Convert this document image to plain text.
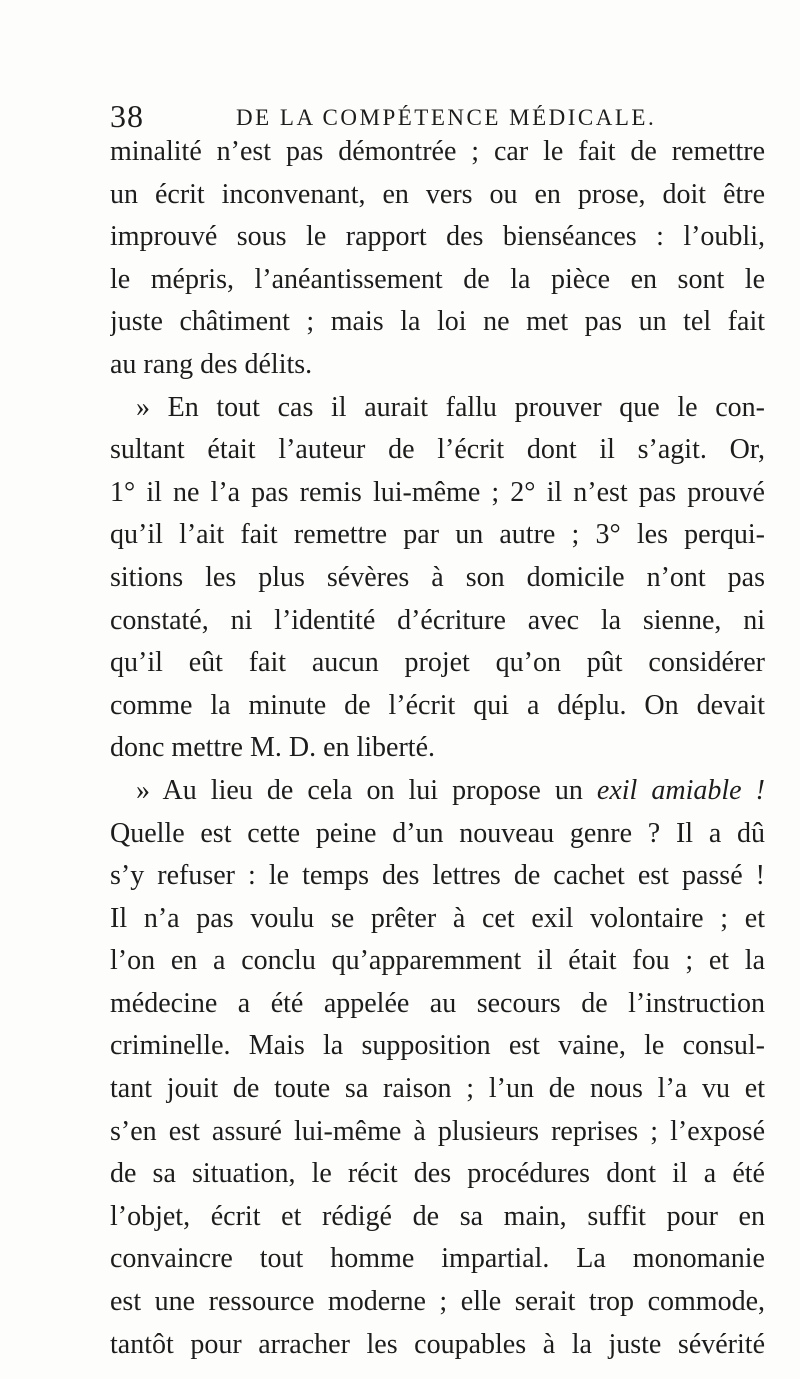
38	DE LA COMPÉTENCE MÉDICALE.
minalité n’est pas démontrée ; car le fait de remettre
un écrit inconvenant, en vers ou en prose, doit être
improuvé sous le rapport des bienséances : l’oubli,
le mépris, l’anéantissement de la pièce en sont le
juste châtiment ; mais la loi ne met pas un tel fait
au rang des délits.
» En tout cas il aurait fallu prouver que le con-
sultant était l’auteur de l’écrit dont il s’agit. Or,
1° il ne l’a pas remis lui-même ; 2° il n’est pas prouvé
qu’il l’ait fait remettre par un autre ; 3° les perqui-
sitions les plus sévères à son domicile n’ont pas
constaté, ni l’identité d’écriture avec la sienne, ni
qu’il eût fait aucun projet qu’on pût considérer
comme la minute de l’écrit qui a déplu. On devait
donc mettre M. D. en liberté.
» Au lieu de cela on lui propose un exil amiable !
Quelle est cette peine d’un nouveau genre ? Il a dû
s’y refuser : le temps des lettres de cachet est passé !
Il n’a pas voulu se prêter à cet exil volontaire ; et
l’on en a conclu qu’apparemment il était fou ; et la
médecine a été appelée au secours de l’instruction
criminelle. Mais la supposition est vaine, le consul-
tant jouit de toute sa raison ; l’un de nous l’a vu et
s’en est assuré lui-même à plusieurs reprises ; l’exposé
de sa situation, le récit des procédures dont il a été
l’objet, écrit et rédigé de sa main, suffit pour en
convaincre tout homme impartial. La monomanie
est une ressource moderne ; elle serait trop commode,
tantôt pour arracher les coupables à la juste sévérité
